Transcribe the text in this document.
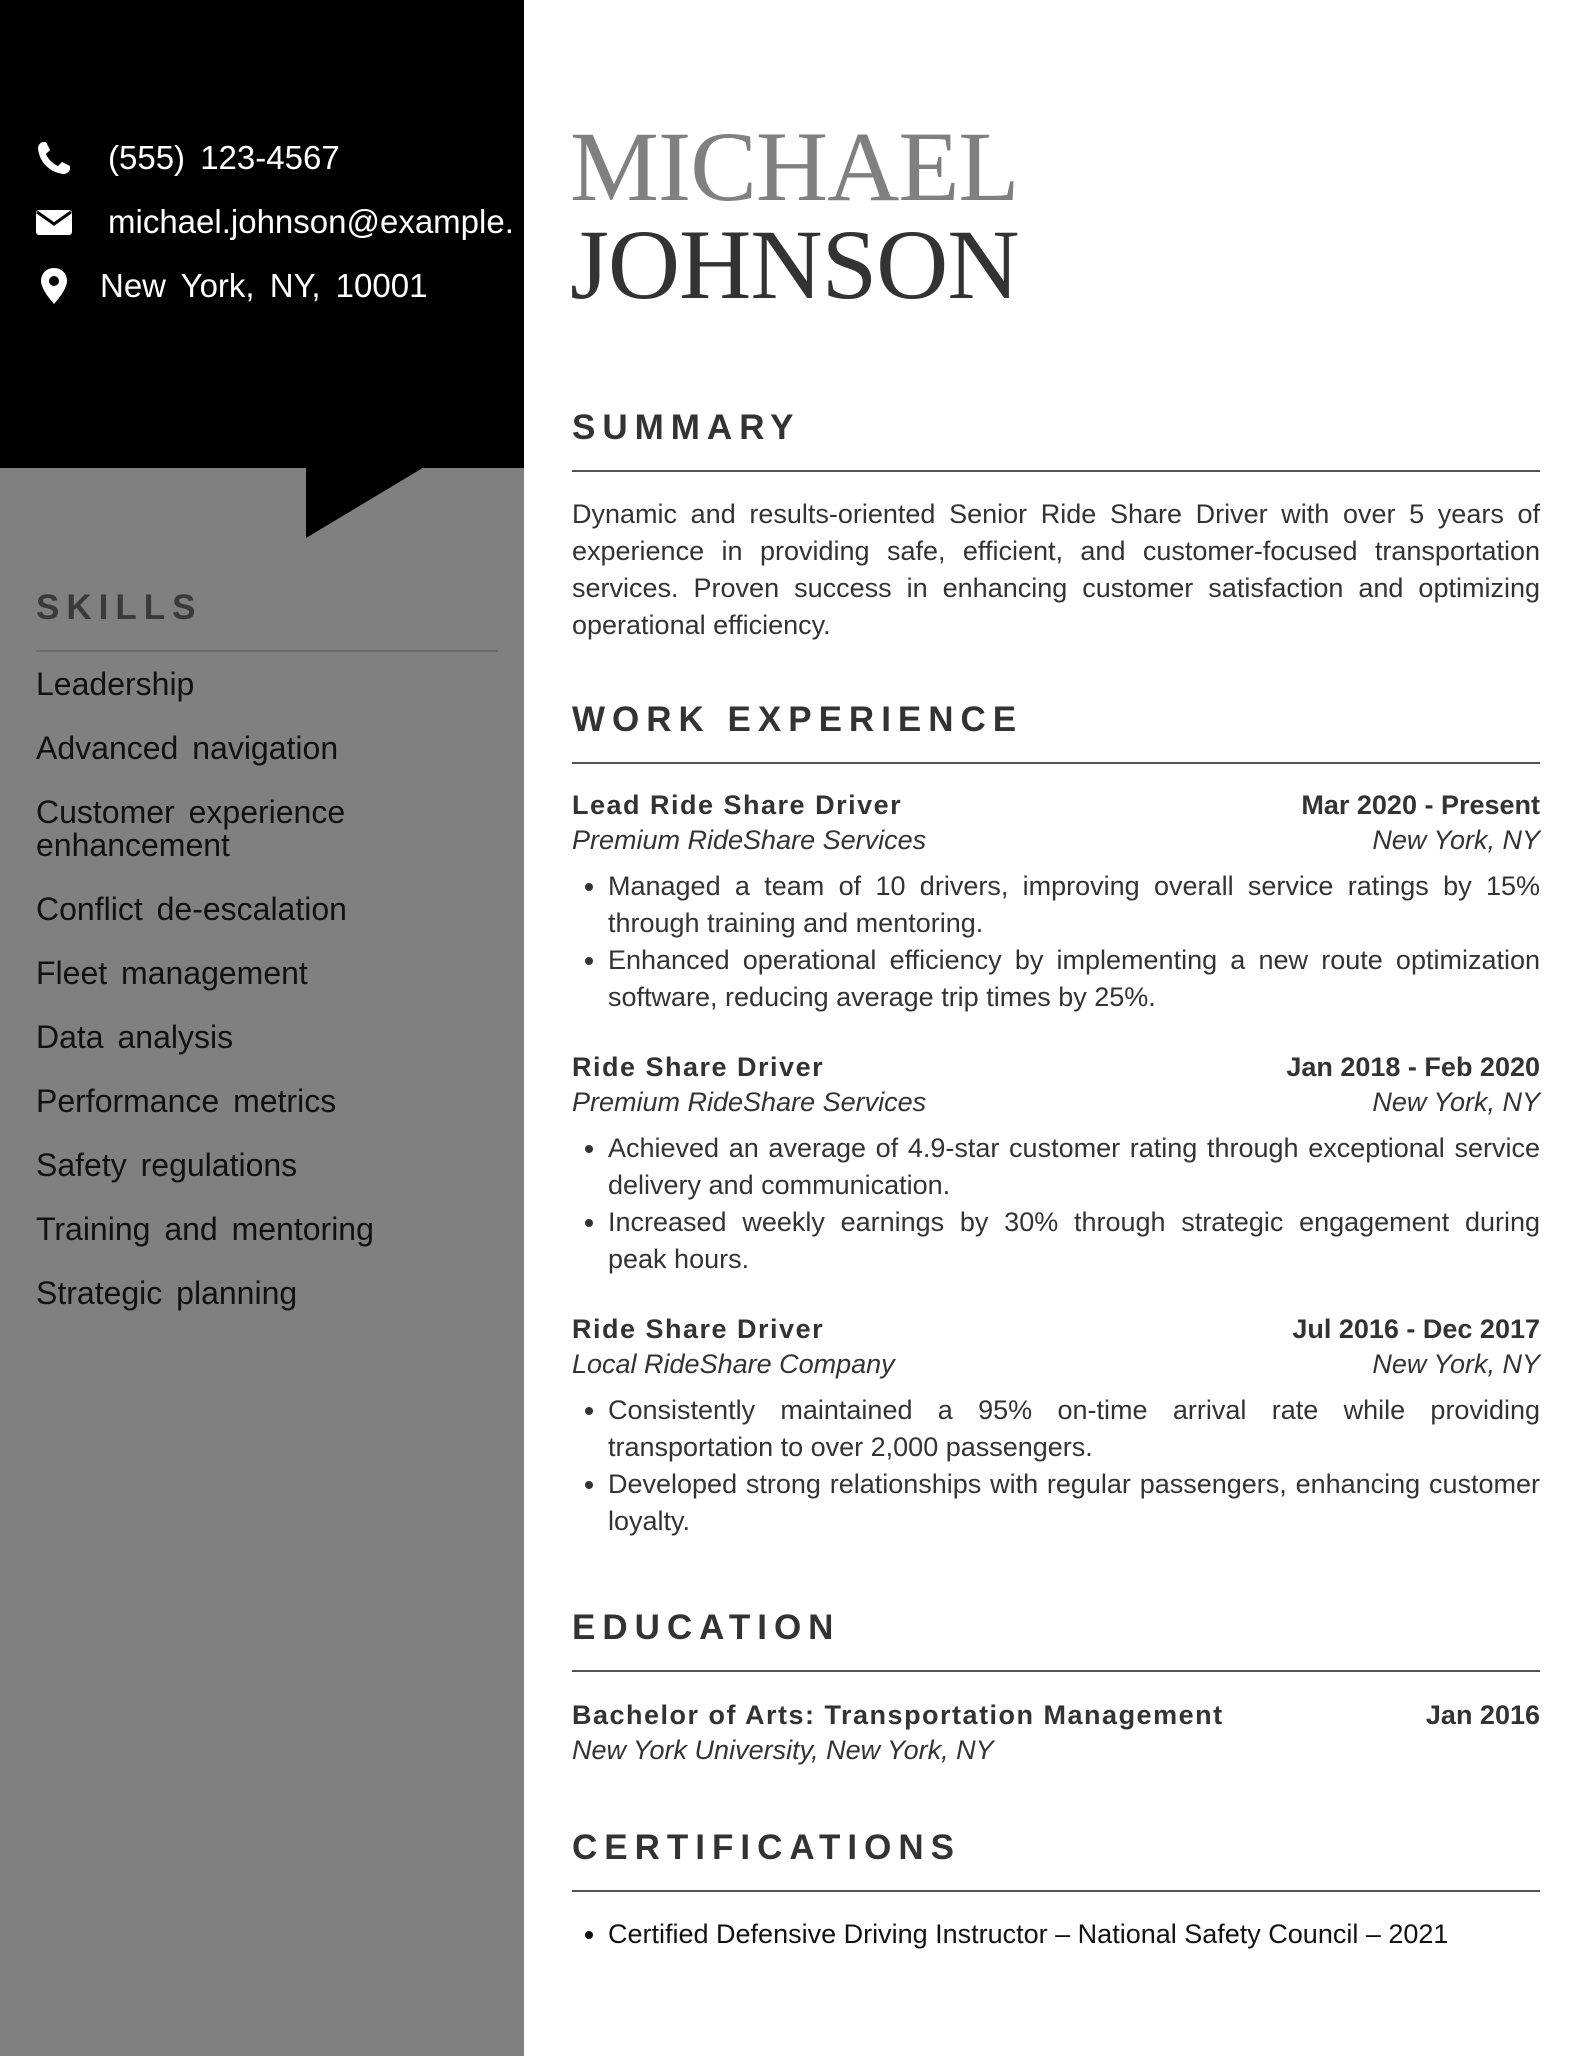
(555) 123-4567
michael.johnson@example.
New York, NY, 10001
SKILLS
Leadership
Advanced navigation
Customer experience enhancement
Conflict de-escalation
Fleet management
Data analysis
Performance metrics
Safety regulations
Training and mentoring
Strategic planning
MICHAEL
JOHNSON
SUMMARY

Dynamic and results-oriented Senior Ride Share Driver with over 5 years of experience in providing safe, efficient, and customer-focused transportation services. Proven success in enhancing customer satisfaction and optimizing operational efficiency.

WORK EXPERIENCE
Lead Ride Share Driver	Mar 2020 - Present
Premium RideShare Services	New York, NY
• Managed a team of 10 drivers, improving overall service ratings by 15% through training and mentoring.
• Enhanced operational efficiency by implementing a new route optimization software, reducing average trip times by 25%.
Ride Share Driver	Jan 2018 - Feb 2020
Premium RideShare Services	New York, NY
• Achieved an average of 4.9-star customer rating through exceptional service delivery and communication.
• Increased weekly earnings by 30% through strategic engagement during peak hours.
Ride Share Driver	Jul 2016 - Dec 2017
Local RideShare Company	New York, NY
• Consistently maintained a 95% on-time arrival rate while providing transportation to over 2,000 passengers.
• Developed strong relationships with regular passengers, enhancing customer loyalty.
EDUCATION
Bachelor of Arts: Transportation Management	Jan 2016
New York University, New York, NY
CERTIFICATIONS
• Certified Defensive Driving Instructor – National Safety Council – 2021
